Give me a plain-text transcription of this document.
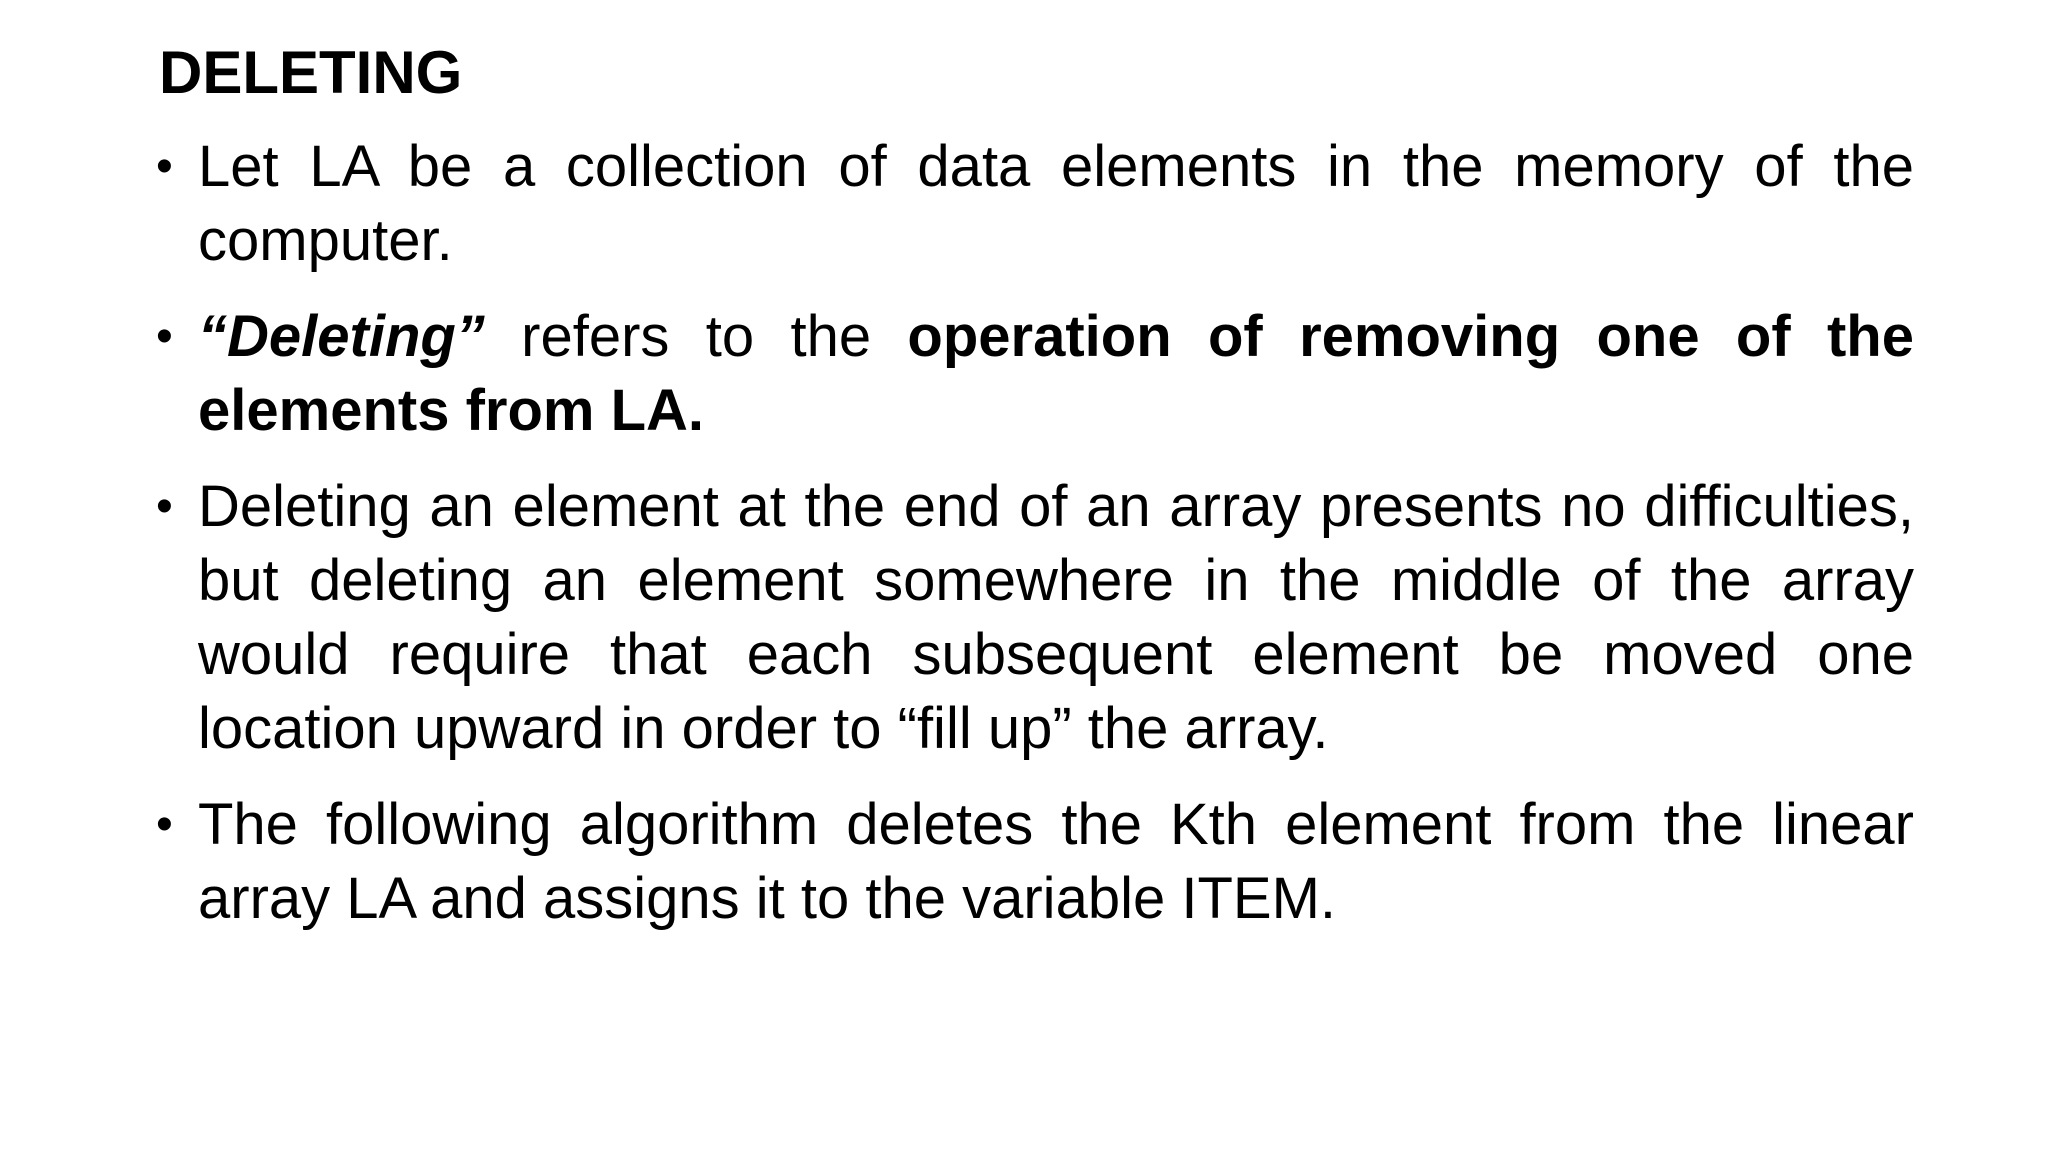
DELETING
• Let LA be a collection of data elements in the memory of the computer.
• “Deleting” refers to the operation of removing one of the elements from LA.
• Deleting an element at the end of an array presents no difficulties, but deleting an element somewhere in the middle of the array would require that each subsequent element be moved one location upward in order to “fill up” the array.
• The following algorithm deletes the Kth element from the linear array LA and assigns it to the variable ITEM.
